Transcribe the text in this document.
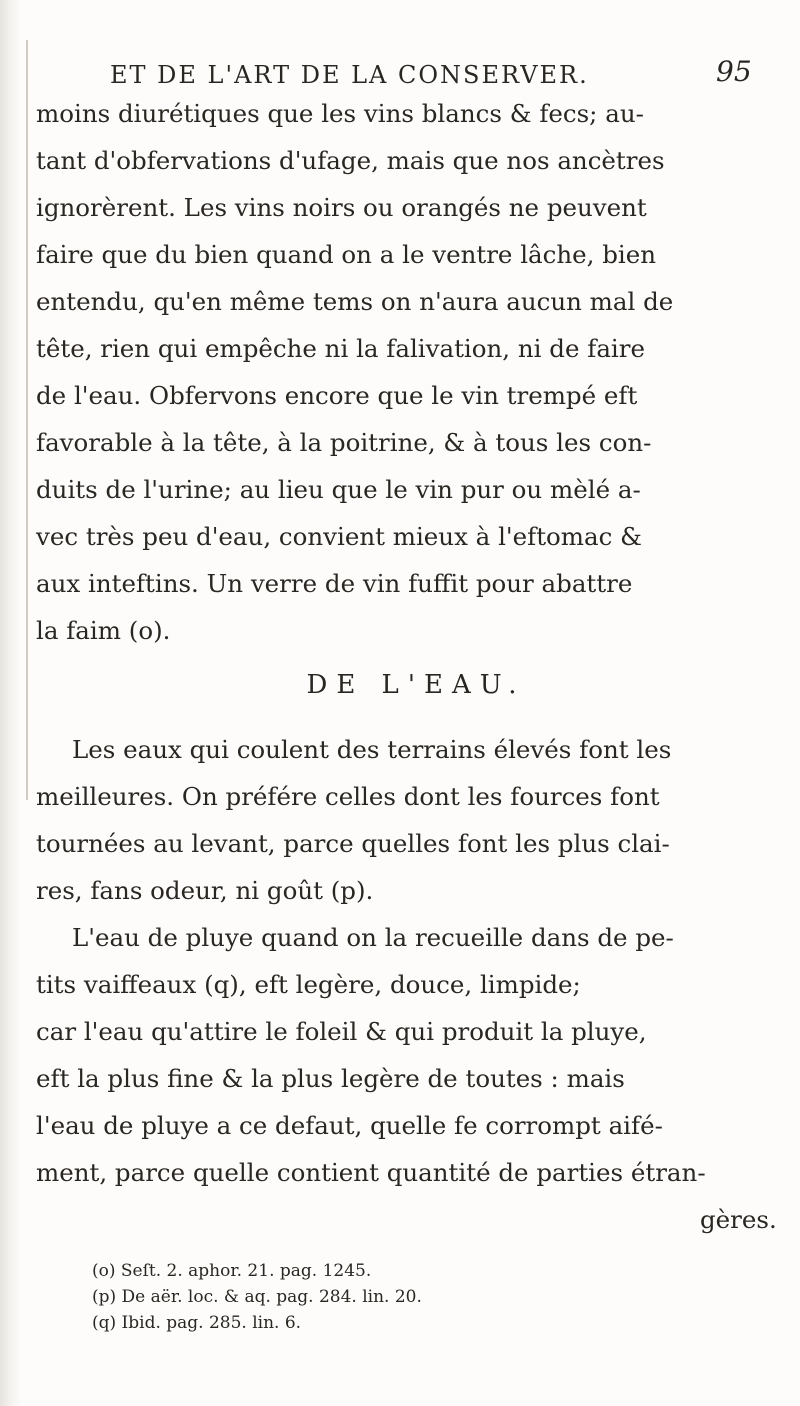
ET DE L'ART DE LA CONSERVER.	95
moins diurétiques que les vins blancs & fecs; au-
tant d'obfervations d'ufage, mais que nos ancètres
ignorèrent. Les vins noirs ou orangés ne peuvent
faire que du bien quand on a le ventre lâche, bien
entendu, qu'en même tems on n'aura aucun mal de
tête, rien qui empêche ni la falivation, ni de faire
de l'eau. Obfervons encore que le vin trempé eft
favorable à la tête, à la poitrine, & à tous les con-
duits de l'urine; au lieu que le vin pur ou mèlé a-
vec très peu d'eau, convient mieux à l'eftomac &
aux inteftins. Un verre de vin fuffit pour abattre
la faim (o).
DE L'EAU.
Les eaux qui coulent des terrains élevés font les
meilleures. On préfére celles dont les fources font
tournées au levant, parce quelles font les plus clai-
res, fans odeur, ni goût (p).
L'eau de pluye quand on la recueille dans de pe-
tits vaiffeaux (q), eft legère, douce, limpide;
car l'eau qu'attire le foleil & qui produit la pluye,
eft la plus fine & la plus legère de toutes : mais
l'eau de pluye a ce defaut, quelle fe corrompt aifé-
ment, parce quelle contient quantité de parties étran-
gères.
(o) Seſt. 2. aphor. 21. pag. 1245.
(p) De aër. loc. & aq. pag. 284. lin. 20.
(q) Ibid. pag. 285. lin. 6.
